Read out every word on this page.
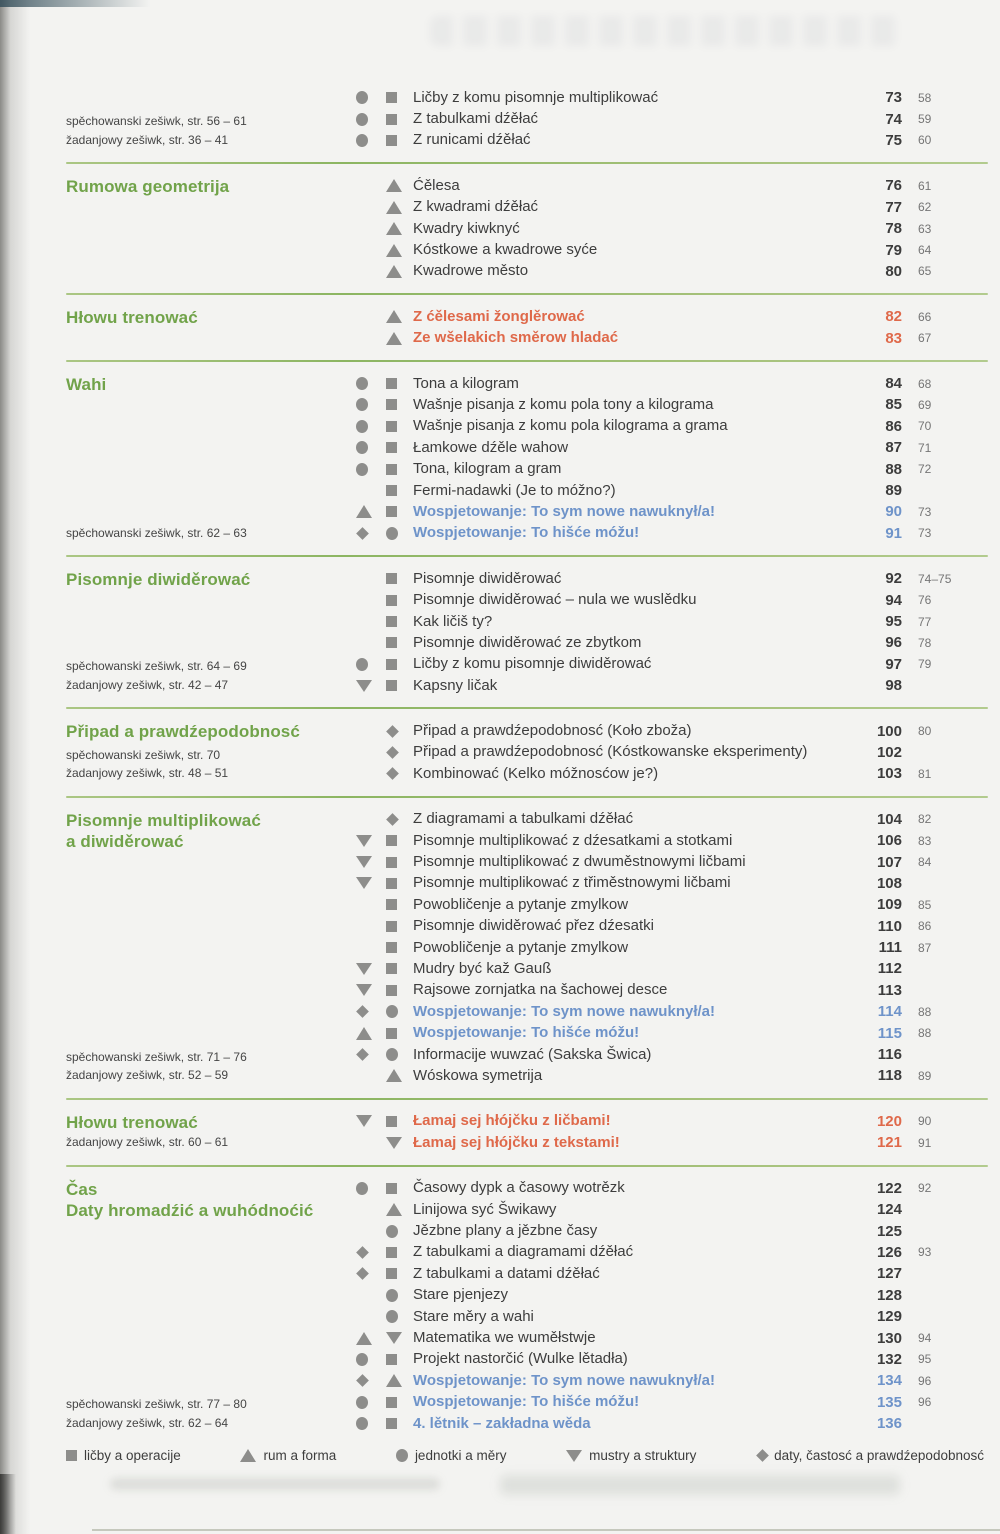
spěchowanski zešiwk, str. 56 – 61
žadanjowy zešiwk, str. 36 – 41
Ličby z komu pisomnje multiplikować	73	58
Z tabulkami dźěłać	74	59
Z runicami dźěłać	75	60
Rumowa geometrija	Ćělesa	76	61
Z kwadrami dźěłać	77	62
Kwadry kiwknyć	78	63
Kóstkowe a kwadrowe syće	79	64
Kwadrowe město	80	65
Hłowu trenować	Z ćělesami žonglěrować	82	66
Ze wšelakich směrow hladać	83	67
Wahi
spěchowanski zešiwk, str. 62 – 63
Tona a kilogram	84	68
Wašnje pisanja z komu pola tony a kilograma	85	69
Wašnje pisanja z komu pola kilograma a grama	86	70
Łamkowe dźěle wahow	87	71
Tona, kilogram a gram	88	72
Fermi-nadawki (Je to móžno?)	89
Wospjetowanje: To sym nowe nawuknył/a!	90	73
Wospjetowanje: To hišće móžu!	91	73
Pisomnje diwiděrować
spěchowanski zešiwk, str. 64 – 69
žadanjowy zešiwk, str. 42 – 47
Pisomnje diwiděrować	92	74–75
Pisomnje diwiděrować – nula we wuslědku	94	76
Kak ličiš ty?	95	77
Pisomnje diwiděrować ze zbytkom	96	78
Ličby z komu pisomnje diwiděrować	97	79
Kapsny ličak	98
Připad a prawdźepodobnosć
spěchowanski zešiwk, str. 70
žadanjowy zešiwk, str. 48 – 51
Připad a prawdźepodobnosć (Koło zboža)	100	80
Připad a prawdźepodobnosć (Kóstkowanske eksperimenty)	102
Kombinować (Kelko móžnosćow je?)	103	81
Pisomnje multiplikować
a diwiděrować
spěchowanski zešiwk, str. 71 – 76
žadanjowy zešiwk, str. 52 – 59
Z diagramami a tabulkami dźěłać	104	82
Pisomnje multiplikować z dźesatkami a stotkami	106	83
Pisomnje multiplikować z dwuměstnowymi ličbami	107	84
Pisomnje multiplikować z třiměstnowymi ličbami	108
Powobličenje a pytanje zmylkow	109	85
Pisomnje diwiděrować přez dźesatki	110	86
Powobličenje a pytanje zmylkow	111	87
Mudry być kaž Gauß	112
Rajsowe zornjatka na šachowej desce	113
Wospjetowanje: To sym nowe nawuknył/a!	114	88
Wospjetowanje: To hišće móžu!	115	88
Informacije wuwzać (Sakska Šwica)	116
Wóskowa symetrija	118	89
Hłowu trenować
žadanjowy zešiwk, str. 60 – 61
Łamaj sej hłójčku z ličbami!	120	90
Łamaj sej hłójčku z tekstami!	121	91
Čas
Daty hromadźić a wuhódnoćić
spěchowanski zešiwk, str. 77 – 80
žadanjowy zešiwk, str. 62 – 64
Časowy dypk a časowy wotrězk	122	92
Linijowa syć Šwikawy	124
Jězbne plany a jězbne časy	125
Z tabulkami a diagramami dźěłać	126	93
Z tabulkami a datami dźěłać	127
Stare pjenjezy	128
Stare měry a wahi	129
Matematika we wuměłstwje	130	94
Projekt nastorčić (Wulke lětadła)	132	95
Wospjetowanje: To sym nowe nawuknył/a!	134	96
Wospjetowanje: To hišće móžu!	135	96
4. lětnik – zakładna wěda	136
ličby a operacije	rum a forma	jednotki a měry	mustry a struktury	daty, častosć a prawdźepodobnosć
